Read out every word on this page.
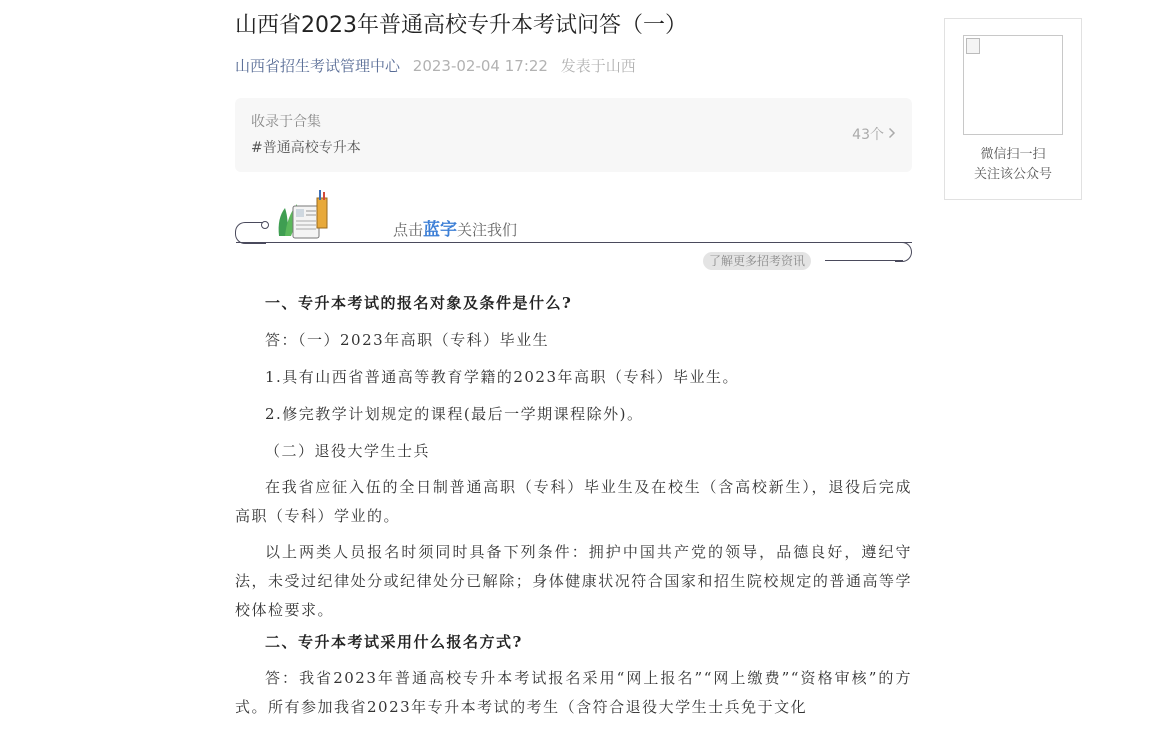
山西省2023年普通高校专升本考试问答（一）
山西省招生考试管理中心 2023-02-04 17:22 发表于山西
收录于合集
#普通高校专升本
43个
点击蓝字关注我们
了解更多招考资讯

一、专升本考试的报名对象及条件是什么?

答：（一）2023年高职（专科）毕业生

1.具有山西省普通高等教育学籍的2023年高职（专科）毕业生。

2.修完教学计划规定的课程(最后一学期课程除外)。

（二）退役大学生士兵

在我省应征入伍的全日制普通高职（专科）毕业生及在校生（含高校新生），退役后完成高职（专科）学业的。

以上两类人员报名时须同时具备下列条件：拥护中国共产党的领导，品德良好，遵纪守法，未受过纪律处分或纪律处分已解除；身体健康状况符合国家和招生院校规定的普通高等学校体检要求。

二、专升本考试采用什么报名方式?

答：我省2023年普通高校专升本考试报名采用“网上报名”“网上缴费”“资格审核”的方式。所有参加我省2023年专升本考试的考生（含符合退役大学生士兵免于文化

微信扫一扫
关注该公众号
